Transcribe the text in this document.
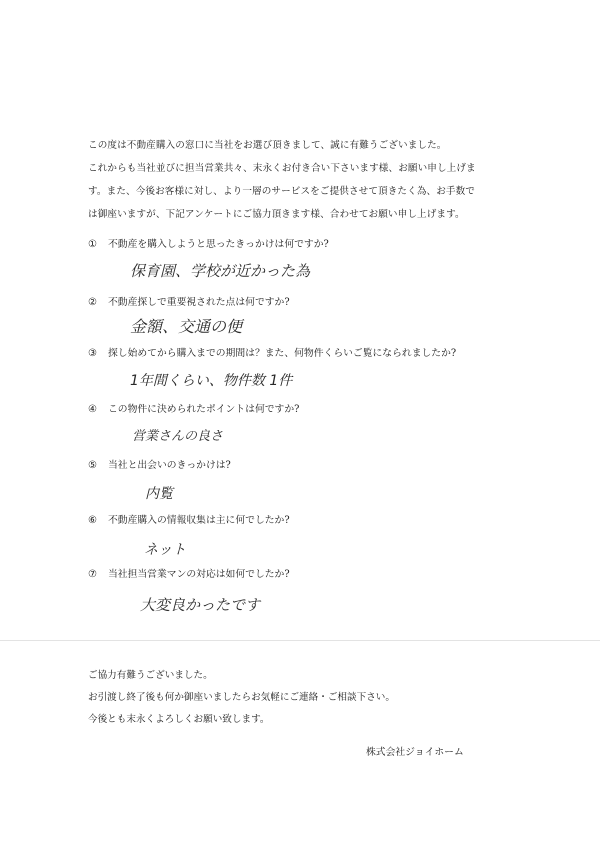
この度は不動産購入の窓口に当社をお選び頂きまして、誠に有難うございました。
これからも当社並びに担当営業共々、末永くお付き合い下さいます様、お願い申し上げま
す。また、今後お客様に対し、より一層のサービスをご提供させて頂きたく為、お手数で
は御座いますが、下記アンケートにご協力頂きます様、合わせてお願い申し上げます。
① 不動産を購入しようと思ったきっかけは何ですか?
保育園、学校が近かった為
② 不動産探しで重要視された点は何ですか?
金額、交通の便
③ 探し始めてから購入までの期間は？また、何物件くらいご覧になられましたか?
1年間くらい、物件数 1件
④ この物件に決められたポイントは何ですか?
営業さんの良さ
⑤ 当社と出会いのきっかけは?
内覧
⑥ 不動産購入の情報収集は主に何でしたか?
ネット
⑦ 当社担当営業マンの対応は如何でしたか?
大変良かったです
ご協力有難うございました。
お引渡し終了後も何か御座いましたらお気軽にご連絡・ご相談下さい。
今後とも末永くよろしくお願い致します。
株式会社ジョイホーム
